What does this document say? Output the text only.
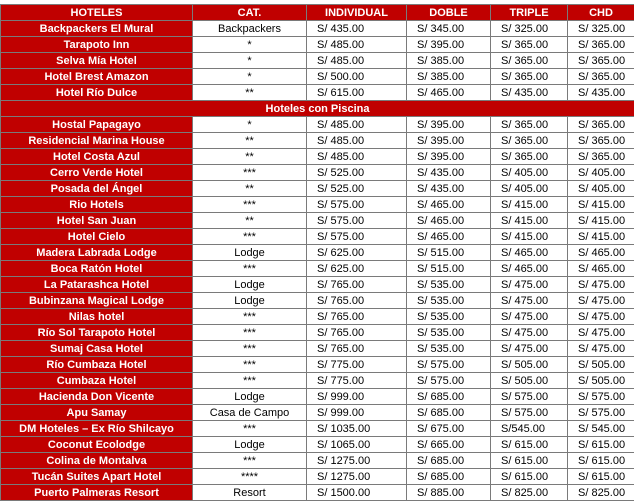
HOTELES	CAT.	INDIVIDUAL	DOBLE	TRIPLE	CHD
Backpackers El Mural	Backpackers	S/ 435.00	S/ 345.00	S/ 325.00	S/ 325.00
Tarapoto Inn	*	S/ 485.00	S/ 395.00	S/ 365.00	S/ 365.00
Selva Mía Hotel	*	S/ 485.00	S/ 385.00	S/ 365.00	S/ 365.00
Hotel Brest Amazon	*	S/ 500.00	S/ 385.00	S/ 365.00	S/ 365.00
Hotel Río Dulce	**	S/ 615.00	S/ 465.00	S/ 435.00	S/ 435.00
Hoteles con Piscina					
Hostal Papagayo	*	S/ 485.00	S/ 395.00	S/ 365.00	S/ 365.00
Residencial Marina House	**	S/ 485.00	S/ 395.00	S/ 365.00	S/ 365.00
Hotel Costa Azul	**	S/ 485.00	S/ 395.00	S/ 365.00	S/ 365.00
Cerro Verde Hotel	***	S/ 525.00	S/ 435.00	S/ 405.00	S/ 405.00
Posada del Ángel	**	S/ 525.00	S/ 435.00	S/ 405.00	S/ 405.00
Rio Hotels	***	S/ 575.00	S/ 465.00	S/ 415.00	S/ 415.00
Hotel San Juan	**	S/ 575.00	S/ 465.00	S/ 415.00	S/ 415.00
Hotel Cielo	***	S/ 575.00	S/ 465.00	S/ 415.00	S/ 415.00
Madera Labrada Lodge	Lodge	S/ 625.00	S/ 515.00	S/ 465.00	S/ 465.00
Boca Ratón Hotel	***	S/ 625.00	S/ 515.00	S/ 465.00	S/ 465.00
La Patarashca Hotel	Lodge	S/ 765.00	S/ 535.00	S/ 475.00	S/ 475.00
Bubinzana Magical Lodge	Lodge	S/ 765.00	S/ 535.00	S/ 475.00	S/ 475.00
Nilas hotel	***	S/ 765.00	S/ 535.00	S/ 475.00	S/ 475.00
Río Sol Tarapoto Hotel	***	S/ 765.00	S/ 535.00	S/ 475.00	S/ 475.00
Sumaj Casa Hotel	***	S/ 765.00	S/ 535.00	S/ 475.00	S/ 475.00
Río Cumbaza Hotel	***	S/ 775.00	S/ 575.00	S/ 505.00	S/ 505.00
Cumbaza Hotel	***	S/ 775.00	S/ 575.00	S/ 505.00	S/ 505.00
Hacienda Don Vicente	Lodge	S/ 999.00	S/ 685.00	S/ 575.00	S/ 575.00
Apu Samay	Casa de Campo	S/ 999.00	S/ 685.00	S/ 575.00	S/ 575.00
DM Hoteles – Ex Río Shilcayo	***	S/ 1035.00	S/ 675.00	S/545.00	S/ 545.00
Coconut Ecolodge	Lodge	S/ 1065.00	S/ 665.00	S/ 615.00	S/ 615.00
Colina de Montalva	***	S/ 1275.00	S/ 685.00	S/ 615.00	S/ 615.00
Tucán Suites Apart Hotel	****	S/ 1275.00	S/ 685.00	S/ 615.00	S/ 615.00
Puerto Palmeras Resort	Resort	S/ 1500.00	S/ 885.00	S/ 825.00	S/ 825.00
